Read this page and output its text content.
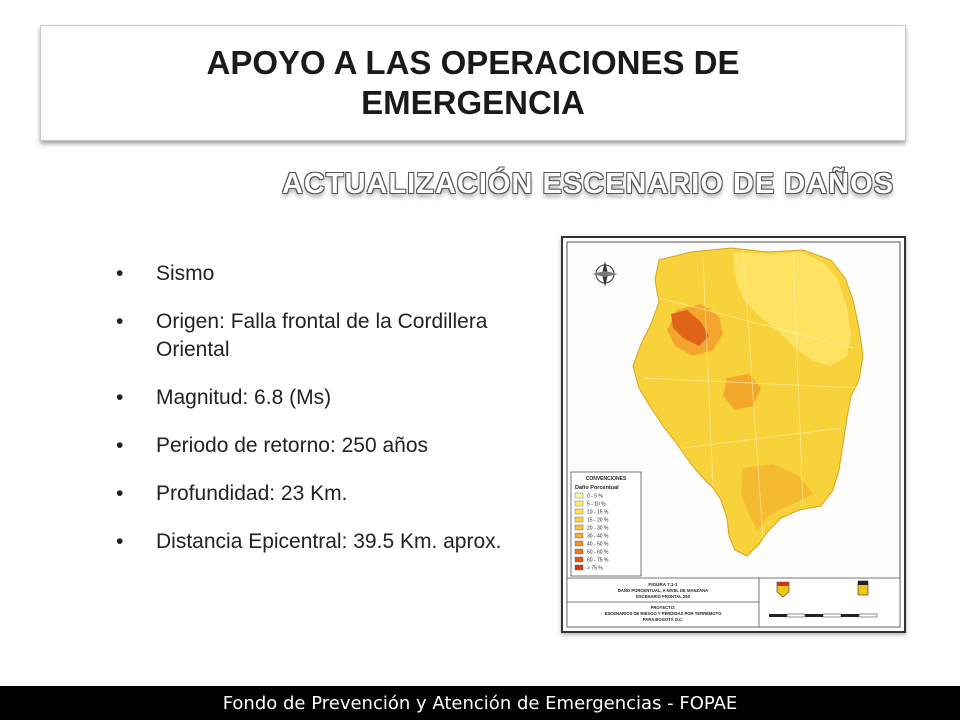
APOYO A LAS OPERACIONES DE EMERGENCIA
ACTUALIZACIÓN ESCENARIO DE DAÑOS
• Sismo
• Origen: Falla frontal de la Cordillera Oriental
• Magnitud: 6.8 (Ms)
• Periodo de retorno: 250 años
• Profundidad: 23 Km.
• Distancia Epicentral: 39.5 Km. aprox.
CONVENCIONES
Daño Porcentual
0 - 5 %
5 - 10 %
10 - 15 %
15 - 20 %
20 - 30 %
30 - 40 %
40 - 50 %
50 - 60 %
60 - 75 %
> 75 %
FIGURA 7.1-1
DAÑO PORCENTUAL, A NIVEL DE MANZANA
ESCENARIO FRONTAL 250
PROYECTO:
ESCENARIOS DE RIESGO Y PÉRDIDAS POR TERREMOTO
PARA BOGOTÁ D.C.
Fondo de Prevención y Atención de Emergencias - FOPAE
